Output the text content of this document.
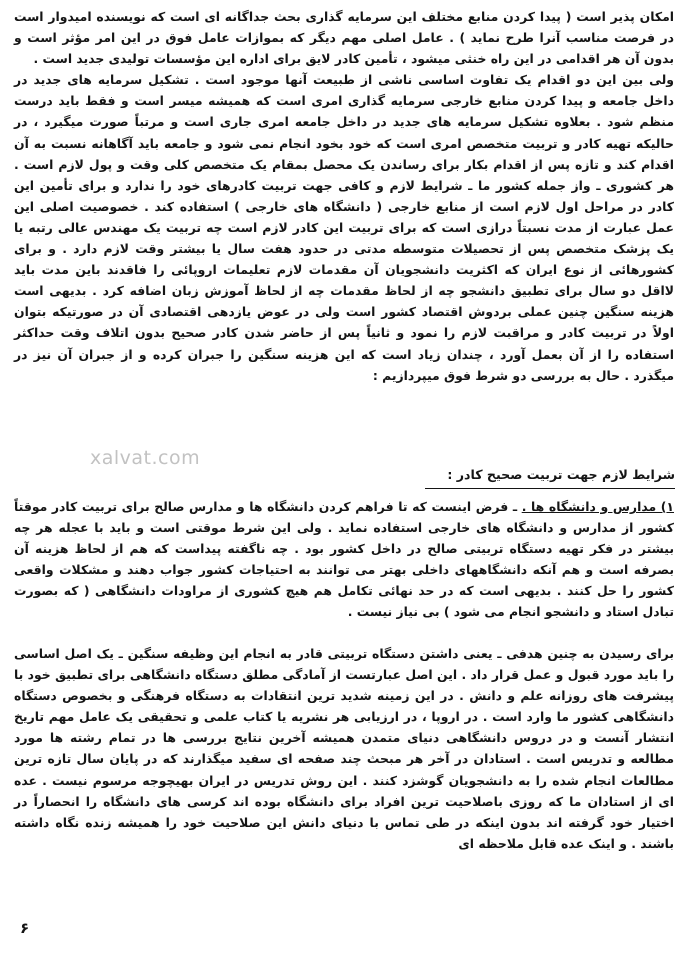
امکان پذیر است ( پیدا کردن منابع مختلف این سرمایه گذاری بحث جداگانه ای است که نویسنده امیدوار است در فرصت مناسب آنرا طرح نماید ) . عامل اصلی مهم دیگر که بموازات عامل فوق در این امر مؤثر است و بدون آن هر اقدامی در این راه خنثی میشود ، تأمین کادر لایق برای اداره این مؤسسات تولیدی جدید است .
ولی بین این دو اقدام یک تفاوت اساسی ناشی از طبیعت آنها موجود است . تشکیل سرمایه های جدید در داخل جامعه و پیدا کردن منابع خارجی سرمایه گذاری امری است که همیشه میسر است و فقط باید درست منظم شود . بعلاوه تشکیل سرمایه های جدید در داخل جامعه امری جاری است و مرتباً صورت میگیرد ، در حالیکه تهیه کادر و تربیت متخصص امری است که خود بخود انجام نمی شود و جامعه باید آگاهانه نسبت به آن اقدام کند و تازه پس از اقدام بکار برای رساندن یک محصل بمقام یک متخصص کلی وقت و پول لازم است . هر کشوری ـ واز جمله کشور ما ـ شرایط لازم و کافی جهت تربیت کادرهای خود را ندارد و برای تأمین این کادر در مراحل اول لازم است از منابع خارجی ( دانشگاه های خارجی ) استفاده کند . خصوصیت اصلی این عمل عبارت از مدت نسبتاً درازی است که برای تربیت این کادر لازم است چه تربیت یک مهندس عالی رتبه یا یک پزشک متخصص پس از تحصیلات متوسطه مدتی در حدود هفت سال یا بیشتر وقت لازم دارد . و برای کشورهائی از نوع ایران که اکثریت دانشجویان آن مقدمات لازم تعلیمات اروپائی را فاقدند باین مدت باید لااقل دو سال برای تطبیق دانشجو چه از لحاظ مقدمات چه از لحاظ آموزش زبان اضافه کرد . بدیهی است هزینه سنگین چنین عملی بردوش اقتصاد کشور است ولی در عوض یازدهی اقتصادی آن در صورتیکه بتوان اولاً در تربیت کادر و مراقبت لازم را نمود و ثانیاً پس از حاضر شدن کادر صحیح بدون اتلاف وقت حداکثر استفاده را از آن بعمل آورد ، چندان زیاد است که این هزینه سنگین را جبران کرده و از جبران آن نیز در میگذرد . حال به بررسی دو شرط فوق میپردازیم :

xalvat.com

شرایط لازم جهت تربیت صحیح کادر :

۱) مدارس و دانشگاه ها . ـ فرض اینست که تا فراهم کردن دانشگاه ها و مدارس صالح برای تربیت کادر موقتاً کشور از مدارس و دانشگاه های خارجی استفاده نماید . ولی این شرط موقتی است و باید با عجله هر چه بیشتر در فکر تهیه دستگاه تربیتی صالح در داخل کشور بود . چه ناگفته پیداست که هم از لحاظ هزینه آن بصرفه است و هم آنکه دانشگاههای داخلی بهتر می توانند به احتیاجات کشور جواب دهند و مشکلات واقعی کشور را حل کنند . بدیهی است که در حد نهائی تکامل هم هیچ کشوری از مراودات دانشگاهی ( که بصورت تبادل استاد و دانشجو انجام می شود ) بی نیاز نیست .

برای رسیدن به چنین هدفی ـ یعنی داشتن دستگاه تربیتی قادر به انجام این وظیفه سنگین ـ یک اصل اساسی را باید مورد قبول و عمل قرار داد . این اصل عبارتست از آمادگی مطلق دستگاه دانشگاهی برای تطبیق خود با پیشرفت های روزانه علم و دانش . در این زمینه شدید ترین انتقادات به دستگاه فرهنگی و بخصوص دستگاه دانشگاهی کشور ما وارد است . در اروپا ، در ارزیابی هر نشریه یا کتاب علمی و تحقیقی یک عامل مهم تاریخ انتشار آنست و در دروس دانشگاهی دنیای متمدن همیشه آخرین نتایج بررسی ها در تمام رشته ها مورد مطالعه و تدریس است . استادان در آخر هر مبحث چند صفحه ای سفید میگذارند که در پایان سال تازه ترین مطالعات انجام شده را به دانشجویان گوشزد کنند . این روش تدریس در ایران بهیچوجه مرسوم نیست . عده ای از استادان ما که روزی باصلاحیت ترین افراد برای دانشگاه بوده اند کرسی های دانشگاه را انحصاراً در اختیار خود گرفته اند بدون اینکه در طی تماس با دنیای دانش این صلاحیت خود را همیشه زنده نگاه داشته باشند . و اینک عده قابل ملاحظه ای

۶
